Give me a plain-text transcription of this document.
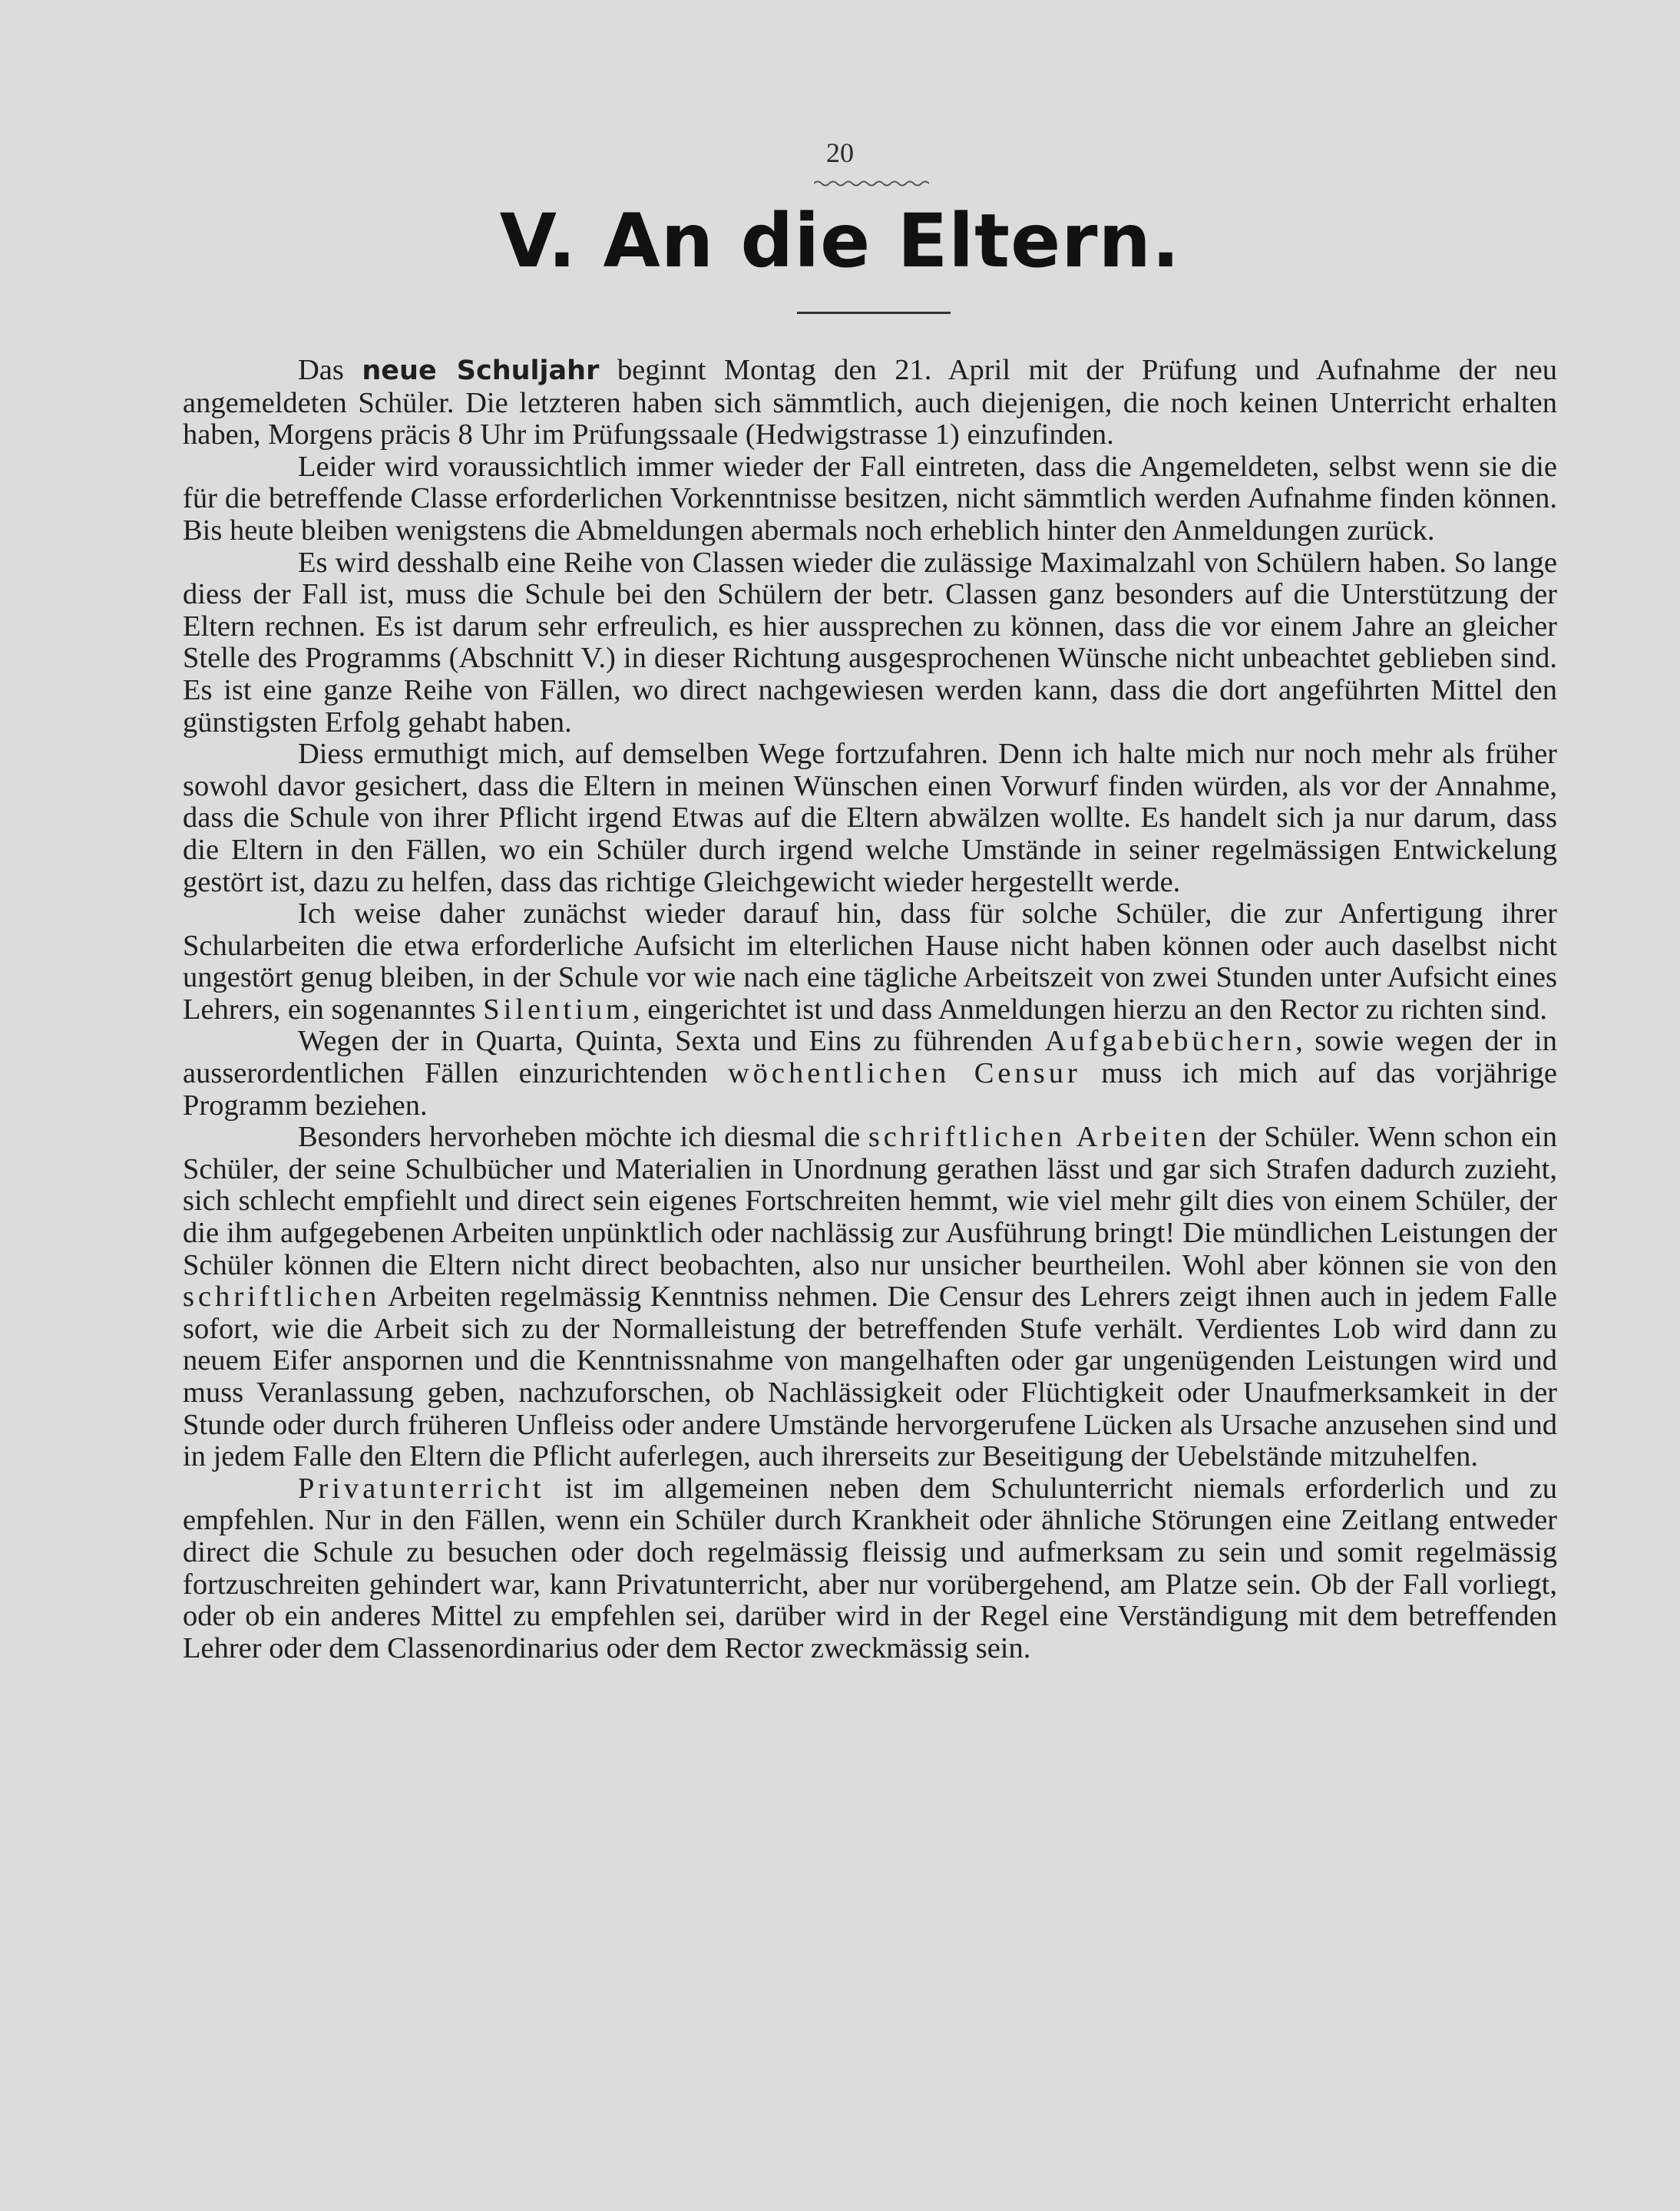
20
V. An die Eltern.

Das neue Schuljahr beginnt Montag den 21. April mit der Prüfung und Aufnahme der neu angemeldeten Schüler. Die letzteren haben sich sämmtlich, auch diejenigen, die noch keinen Unterricht erhalten haben, Morgens präcis 8 Uhr im Prüfungssaale (Hedwigstrasse 1) einzufinden.

Leider wird voraussichtlich immer wieder der Fall eintreten, dass die Angemeldeten, selbst wenn sie die für die betreffende Classe erforderlichen Vorkenntnisse besitzen, nicht sämmtlich werden Aufnahme finden können. Bis heute bleiben wenigstens die Abmeldungen abermals noch erheblich hinter den Anmeldungen zurück.

Es wird desshalb eine Reihe von Classen wieder die zulässige Maximalzahl von Schülern haben. So lange diess der Fall ist, muss die Schule bei den Schülern der betr. Classen ganz besonders auf die Unterstützung der Eltern rechnen. Es ist darum sehr erfreulich, es hier aussprechen zu können, dass die vor einem Jahre an gleicher Stelle des Programms (Abschnitt V.) in dieser Richtung ausgesprochenen Wünsche nicht unbeachtet geblieben sind. Es ist eine ganze Reihe von Fällen, wo direct nachgewiesen werden kann, dass die dort angeführten Mittel den günstigsten Erfolg gehabt haben.

Diess ermuthigt mich, auf demselben Wege fortzufahren. Denn ich halte mich nur noch mehr als früher sowohl davor gesichert, dass die Eltern in meinen Wünschen einen Vorwurf finden würden, als vor der Annahme, dass die Schule von ihrer Pflicht irgend Etwas auf die Eltern abwälzen wollte. Es handelt sich ja nur darum, dass die Eltern in den Fällen, wo ein Schüler durch irgend welche Umstände in seiner regelmässigen Entwickelung gestört ist, dazu zu helfen, dass das richtige Gleichgewicht wieder hergestellt werde.

Ich weise daher zunächst wieder darauf hin, dass für solche Schüler, die zur Anfertigung ihrer Schularbeiten die etwa erforderliche Aufsicht im elterlichen Hause nicht haben können oder auch daselbst nicht ungestört genug bleiben, in der Schule vor wie nach eine tägliche Arbeitszeit von zwei Stunden unter Aufsicht eines Lehrers, ein sogenanntes Silentium, eingerichtet ist und dass Anmeldungen hierzu an den Rector zu richten sind.

Wegen der in Quarta, Quinta, Sexta und Eins zu führenden Aufgabebüchern, sowie wegen der in ausserordentlichen Fällen einzurichtenden wöchentlichen Censur muss ich mich auf das vorjährige Programm beziehen.

Besonders hervorheben möchte ich diesmal die schriftlichen Arbeiten der Schüler. Wenn schon ein Schüler, der seine Schulbücher und Materialien in Unordnung gerathen lässt und gar sich Strafen dadurch zuzieht, sich schlecht empfiehlt und direct sein eigenes Fortschreiten hemmt, wie viel mehr gilt dies von einem Schüler, der die ihm aufgegebenen Arbeiten unpünktlich oder nachlässig zur Ausführung bringt! Die mündlichen Leistungen der Schüler können die Eltern nicht direct beobachten, also nur unsicher beurtheilen. Wohl aber können sie von den schriftlichen Arbeiten regelmässig Kenntniss nehmen. Die Censur des Lehrers zeigt ihnen auch in jedem Falle sofort, wie die Arbeit sich zu der Normalleistung der betreffenden Stufe verhält. Verdientes Lob wird dann zu neuem Eifer anspornen und die Kenntnissnahme von mangelhaften oder gar ungenügenden Leistungen wird und muss Veranlassung geben, nachzuforschen, ob Nachlässigkeit oder Flüchtigkeit oder Unaufmerksamkeit in der Stunde oder durch früheren Unfleiss oder andere Umstände hervorgerufene Lücken als Ursache anzusehen sind und in jedem Falle den Eltern die Pflicht auferlegen, auch ihrerseits zur Beseitigung der Uebelstände mitzuhelfen.

Privatunterricht ist im allgemeinen neben dem Schulunterricht niemals erforderlich und zu empfehlen. Nur in den Fällen, wenn ein Schüler durch Krankheit oder ähnliche Störungen eine Zeitlang entweder direct die Schule zu besuchen oder doch regelmässig fleissig und aufmerksam zu sein und somit regelmässig fortzuschreiten gehindert war, kann Privatunterricht, aber nur vorübergehend, am Platze sein. Ob der Fall vorliegt, oder ob ein anderes Mittel zu empfehlen sei, darüber wird in der Regel eine Verständigung mit dem betreffenden Lehrer oder dem Classenordinarius oder dem Rector zweckmässig sein.
